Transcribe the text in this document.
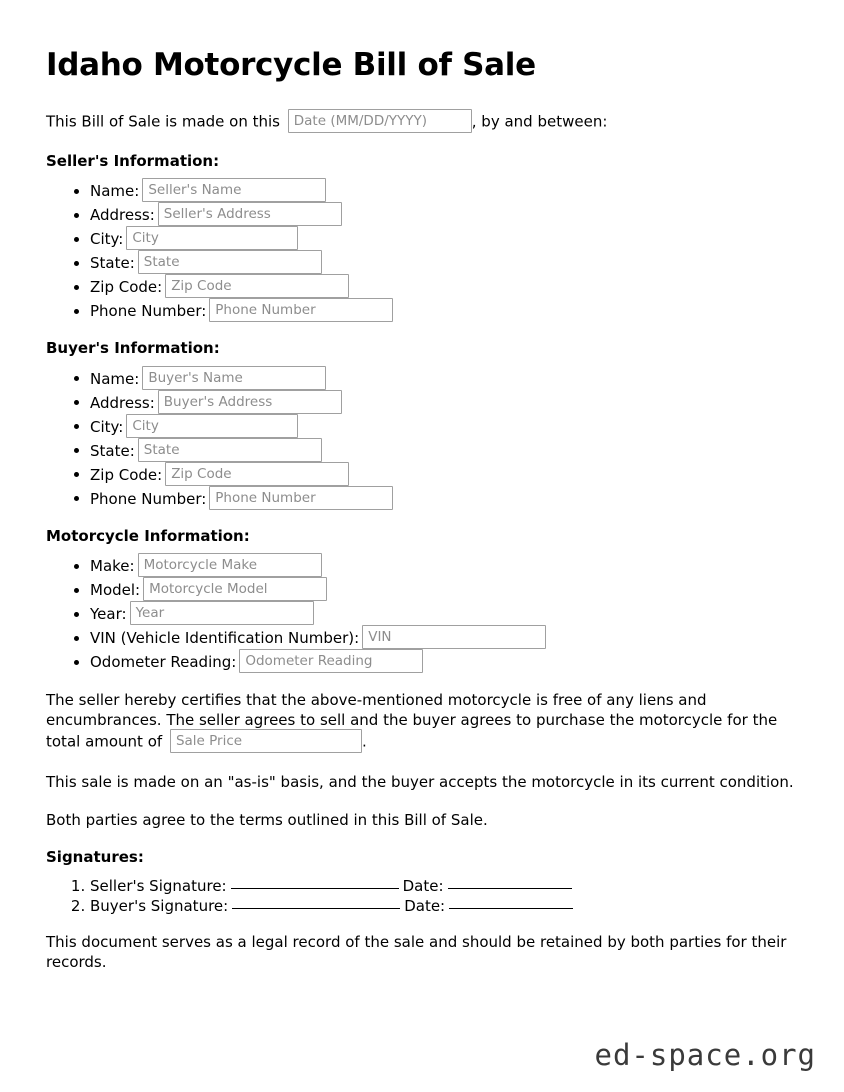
Idaho Motorcycle Bill of Sale

This Bill of Sale is made on this Date (MM/DD/YYYY)	, by and between:

Seller's Information:
• Name: Seller's Name
• Address: Seller's Address
• City: City
• State: State
• Zip Code: Zip Code
• Phone Number: Phone Number
Buyer's Information:
• Name: Buyer's Name
• Address: Buyer's Address
• City: City
• State: State
• Zip Code: Zip Code
• Phone Number: Phone Number
Motorcycle Information:
• Make: Motorcycle Make
• Model: Motorcycle Model
• Year: Year
• VIN (Vehicle Identification Number): VIN
• Odometer Reading: Odometer Reading

The seller hereby certifies that the above-mentioned motorcycle is free of any liens and encumbrances. The seller agrees to sell and the buyer agrees to purchase the motorcycle for the total amount of Sale Price	.

This sale is made on an "as-is" basis, and the buyer accepts the motorcycle in its current condition.

Both parties agree to the terms outlined in this Bill of Sale.

Signatures:
1. Seller's Signature:	Date:
2. Buyer's Signature:	Date:

This document serves as a legal record of the sale and should be retained by both parties for their records.

ed-space.org
